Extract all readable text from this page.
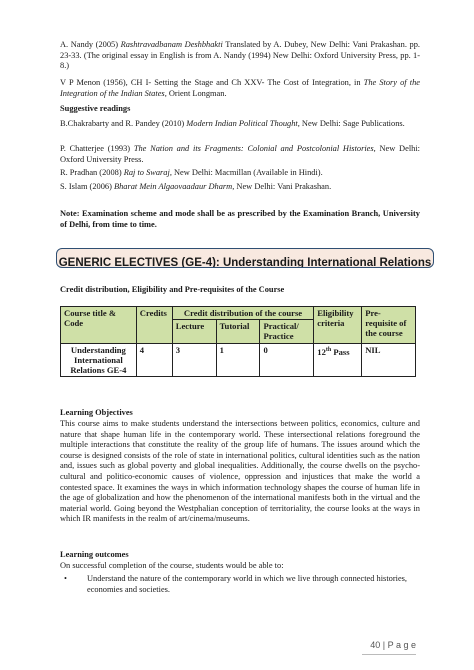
A. Nandy (2005) Rashtravadbanam Deshbhakti Translated by A. Dubey, New Delhi: Vani Prakashan. pp. 23-33. (The original essay in English is from A. Nandy (1994) New Delhi: Oxford University Press, pp. 1-8.)
V P Menon (1956), CH I- Setting the Stage and Ch XXV- The Cost of Integration, in The Story of the Integration of the Indian States, Orient Longman.
Suggestive readings
B.Chakrabarty and R. Pandey (2010) Modern Indian Political Thought, New Delhi: Sage Publications.
P. Chatterjee (1993) The Nation and its Fragments: Colonial and Postcolonial Histories, New Delhi: Oxford University Press.
R. Pradhan (2008) Raj to Swaraj, New Delhi: Macmillan (Available in Hindi).
S. Islam (2006) Bharat Mein Algaovaadaur Dharm, New Delhi: Vani Prakashan.
Note: Examination scheme and mode shall be as prescribed by the Examination Branch, University of Delhi, from time to time.
GENERIC ELECTIVES (GE-4): Understanding International Relations
Credit distribution, Eligibility and Pre-requisites of the Course
Course title & Code	Credits	Credit distribution of the course			Eligibility criteria	Pre-requisite of the course
		Lecture	Tutorial	Practical/ Practice		
Understanding International Relations GE-4	4	3	1	0	12th Pass	NIL
Learning Objectives
This course aims to make students understand the intersections between politics, economics, culture and nature that shape human life in the contemporary world. These intersectional relations foreground the multiple interactions that constitute the reality of the group life of humans. The issues around which the course is designed consists of the role of state in international politics, cultural identities such as the nation and, issues such as global poverty and global inequalities. Additionally, the course dwells on the psycho-cultural and politico-economic causes of violence, oppression and injustices that make the world a contested space. It examines the ways in which information technology shapes the course of human life in the age of globalization and how the phenomenon of the international manifests both in the virtual and the material world. Going beyond the Westphalian conception of territoriality, the course looks at the ways in which IR manifests in the realm of art/cinema/museums.
Learning outcomes
On successful completion of the course, students would be able to:
•	Understand the nature of the contemporary world in which we live through connected histories, economies and societies.
40 | P a g e
